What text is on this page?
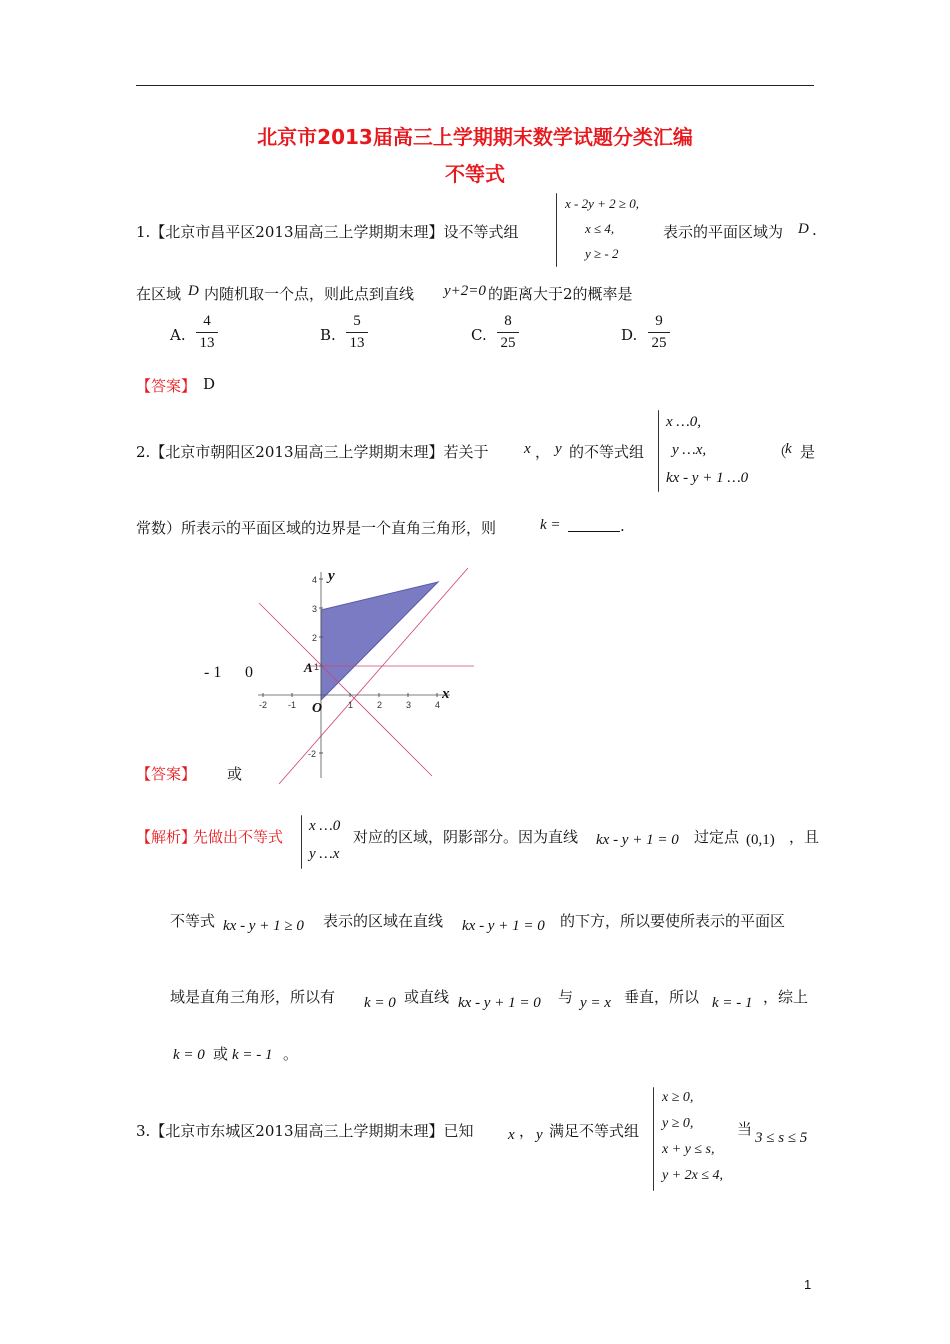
北京市2013届高三上学期期末数学试题分类汇编
不等式
1.【北京市昌平区2013届高三上学期期末理】设不等式组
x - 2y + 2 ≥ 0,
x ≤ 4,
y ≥ - 2
表示的平面区域为 D .
在区域 D 内随机取一个点，则此点到直线 y+2=0 的距离大于2的概率是
A.
4
13	B.
5
13	C.
8
25	D.
9
25
【答案】 D
2.【北京市朝阳区2013届高三上学期期末理】若关于 x ， y 的不等式组
x …0,
y …x,
kx - y + 1 …0
（
k 是
常数）所表示的平面区域的边界是一个直角三角形，则	k =	.
- 1 0
-2 -1	1	2	3	4
4
3
2
1
-2
y
x
A
O
【答案】 或
【解析】
先做出不等式
x …0
y …x
对应的区域，阴影部分。因为直线 kx - y + 1 = 0 过定点 (0,1) ，且
不等式 kx - y + 1 ≥ 0 表示的区域在直线 kx - y + 1 = 0 的下方，所以要使所表示的平面区
域是直角三角形，所以有 k = 0 或直线 kx - y + 1 = 0 与 y = x 垂直，所以 k = - 1 ，综上
k = 0 或 k = - 1 。
3.【北京市东城区2013届高三上学期期末理】已知 x ， y 满足不等式组
x ≥ 0,
y ≥ 0,
x + y ≤ s,
y + 2x ≤ 4,
当 3 ≤ s ≤ 5
1
